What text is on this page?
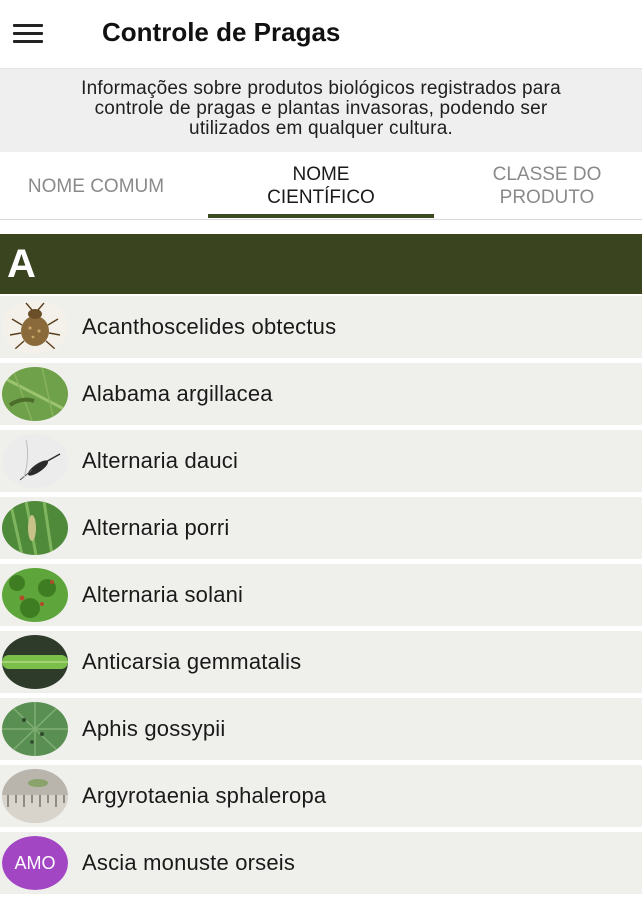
Controle de Pragas
Informações sobre produtos biológicos registrados para
controle de pragas e plantas invasoras, podendo ser
utilizados em qualquer cultura.
NOME COMUM
NOME
CIENTÍFICO
CLASSE DO
PRODUTO
A
Acanthoscelides obtectus
Alabama argillacea
Alternaria dauci
Alternaria porri
Alternaria solani
Anticarsia gemmatalis
Aphis gossypii
Argyrotaenia sphaleropa
AMO	Ascia monuste orseis
